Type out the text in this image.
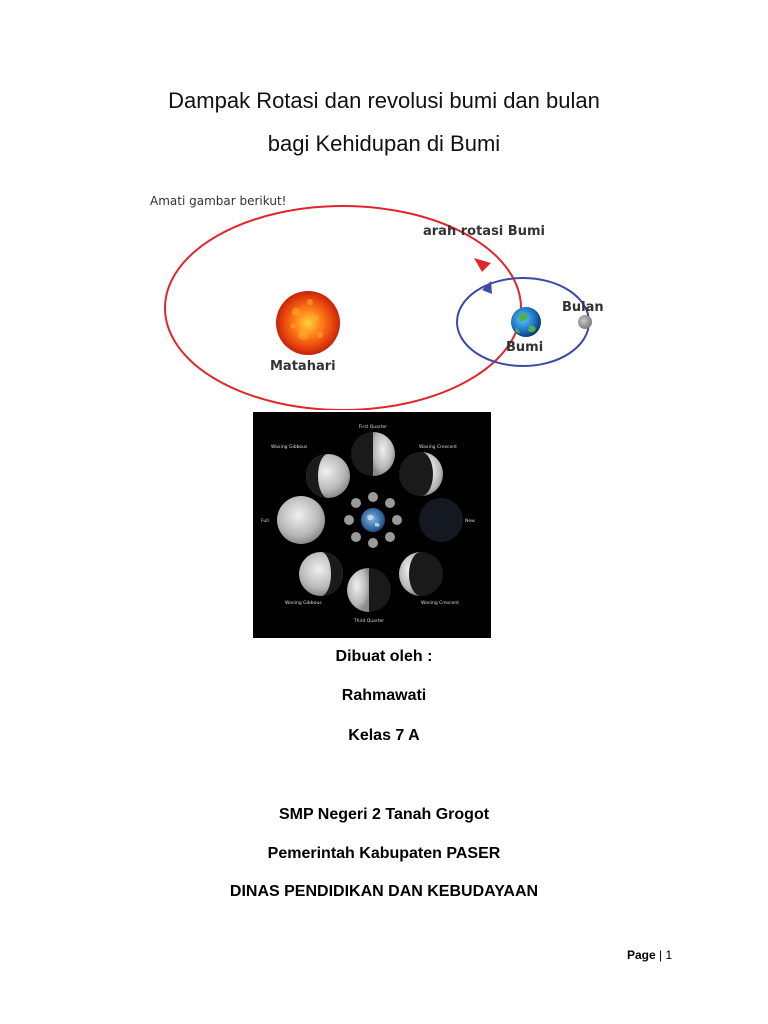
Dampak Rotasi dan revolusi bumi dan bulan
bagi Kehidupan di Bumi
Amati gambar berikut!
arah rotasi Bumi
Matahari
Bumi
Bulan
First Quarter
Waxing Gibbous	Waxing Crescent
Full	New
Waning Gibbous	Waning Crescent
Third Quarter
Dibuat oleh :
Rahmawati
Kelas 7 A
SMP Negeri 2 Tanah Grogot
Pemerintah Kabupaten PASER
DINAS PENDIDIKAN DAN KEBUDAYAAN
Page | 1
